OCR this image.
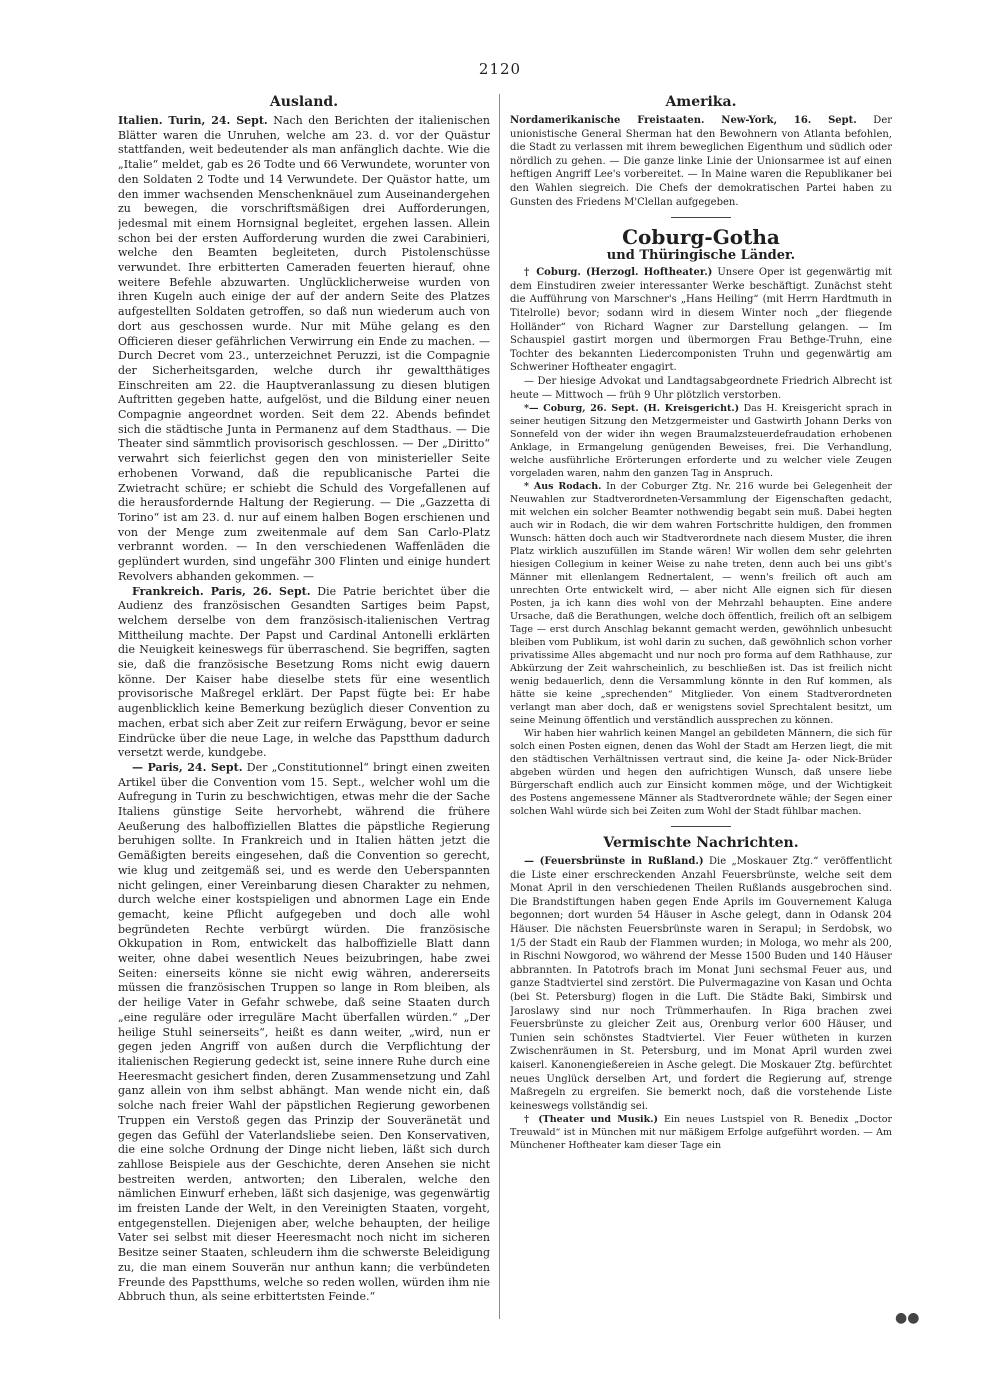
2120
Ausland.

Italien. Turin, 24. Sept. Nach den Berichten der italienischen Blätter waren die Unruhen, welche am 23. d. vor der Quästur stattfanden, weit bedeutender als man anfänglich dachte. Wie die „Italie“ meldet, gab es 26 Todte und 66 Verwundete, worunter von den Soldaten 2 Todte und 14 Verwundete. Der Quästor hatte, um den immer wachsenden Menschenknäuel zum Auseinandergehen zu bewegen, die vorschriftsmäßigen drei Aufforderungen, jedesmal mit einem Hornsignal begleitet, ergehen lassen. Allein schon bei der ersten Aufforderung wurden die zwei Carabinieri, welche den Beamten begleiteten, durch Pistolenschüsse verwundet. Ihre erbitterten Cameraden feuerten hierauf, ohne weitere Befehle abzuwarten. Unglücklicherweise wurden von ihren Kugeln auch einige der auf der andern Seite des Platzes aufgestellten Soldaten getroffen, so daß nun wiederum auch von dort aus geschossen wurde. Nur mit Mühe gelang es den Officieren dieser gefährlichen Verwirrung ein Ende zu machen. — Durch Decret vom 23., unterzeichnet Peruzzi, ist die Compagnie der Sicherheitsgarden, welche durch ihr gewaltthätiges Einschreiten am 22. die Hauptveranlassung zu diesen blutigen Auftritten gegeben hatte, aufgelöst, und die Bildung einer neuen Compagnie angeordnet worden. Seit dem 22. Abends befindet sich die städtische Junta in Permanenz auf dem Stadthaus. — Die Theater sind sämmtlich provisorisch geschlossen. — Der „Diritto“ verwahrt sich feierlichst gegen den von ministerieller Seite erhobenen Vorwand, daß die republicanische Partei die Zwietracht schüre; er schiebt die Schuld des Vorgefallenen auf die herausfordernde Haltung der Regierung. — Die „Gazzetta di Torino“ ist am 23. d. nur auf einem halben Bogen erschienen und von der Menge zum zweitenmale auf dem San Carlo-Platz verbrannt worden. — In den verschiedenen Waffenläden die geplündert wurden, sind ungefähr 300 Flinten und einige hundert Revolvers abhanden gekommen. —

Frankreich. Paris, 26. Sept. Die Patrie berichtet über die Audienz des französischen Gesandten Sartiges beim Papst, welchem derselbe von dem französisch-italienischen Vertrag Mittheilung machte. Der Papst und Cardinal Antonelli erklärten die Neuigkeit keineswegs für überraschend. Sie begriffen, sagten sie, daß die französische Besetzung Roms nicht ewig dauern könne. Der Kaiser habe dieselbe stets für eine wesentlich provisorische Maßregel erklärt. Der Papst fügte bei: Er habe augenblicklich keine Bemerkung bezüglich dieser Convention zu machen, erbat sich aber Zeit zur reifern Erwägung, bevor er seine Eindrücke über die neue Lage, in welche das Papstthum dadurch versetzt werde, kundgebe.

— Paris, 24. Sept. Der „Constitutionnel“ bringt einen zweiten Artikel über die Convention vom 15. Sept., welcher wohl um die Aufregung in Turin zu beschwichtigen, etwas mehr die der Sache Italiens günstige Seite hervorhebt, während die frühere Aeußerung des halboffiziellen Blattes die päpstliche Regierung beruhigen sollte. In Frankreich und in Italien hätten jetzt die Gemäßigten bereits eingesehen, daß die Convention so gerecht, wie klug und zeitgemäß sei, und es werde den Ueberspannten nicht gelingen, einer Vereinbarung diesen Charakter zu nehmen, durch welche einer kostspieligen und abnormen Lage ein Ende gemacht, keine Pflicht aufgegeben und doch alle wohl begründeten Rechte verbürgt würden. Die französische Okkupation in Rom, entwickelt das halboffizielle Blatt dann weiter, ohne dabei wesentlich Neues beizubringen, habe zwei Seiten: einerseits könne sie nicht ewig währen, andererseits müssen die französischen Truppen so lange in Rom bleiben, als der heilige Vater in Gefahr schwebe, daß seine Staaten durch „eine reguläre oder irreguläre Macht überfallen würden.“ „Der heilige Stuhl seinerseits“, heißt es dann weiter, „wird, nun er gegen jeden Angriff von außen durch die Verpflichtung der italienischen Regierung gedeckt ist, seine innere Ruhe durch eine Heeresmacht gesichert finden, deren Zusammensetzung und Zahl ganz allein von ihm selbst abhängt. Man wende nicht ein, daß solche nach freier Wahl der päpstlichen Regierung geworbenen Truppen ein Verstoß gegen das Prinzip der Souveränetät und gegen das Gefühl der Vaterlandsliebe seien. Den Konservativen, die eine solche Ordnung der Dinge nicht lieben, läßt sich durch zahllose Beispiele aus der Geschichte, deren Ansehen sie nicht bestreiten werden, antworten; den Liberalen, welche den nämlichen Einwurf erheben, läßt sich dasjenige, was gegenwärtig im freisten Lande der Welt, in den Vereinigten Staaten, vorgeht, entgegenstellen. Diejenigen aber, welche behaupten, der heilige Vater sei selbst mit dieser Heeresmacht noch nicht im sicheren Besitze seiner Staaten, schleudern ihm die schwerste Beleidigung zu, die man einem Souverän nur anthun kann; die verbündeten Freunde des Papstthums, welche so reden wollen, würden ihm nie Abbruch thun, als seine erbittertsten Feinde.“

Amerika.

Nordamerikanische Freistaaten. New-York, 16. Sept. Der unionistische General Sherman hat den Bewohnern von Atlanta befohlen, die Stadt zu verlassen mit ihrem beweglichen Eigenthum und südlich oder nördlich zu gehen. — Die ganze linke Linie der Unionsarmee ist auf einen heftigen Angriff Lee's vorbereitet. — In Maine waren die Republikaner bei den Wahlen siegreich. Die Chefs der demokratischen Partei haben zu Gunsten des Friedens M'Clellan aufgegeben.

Coburg-Gotha
und Thüringische Länder.

† Coburg. (Herzogl. Hoftheater.) Unsere Oper ist gegenwärtig mit dem Einstudiren zweier interessanter Werke beschäftigt. Zunächst steht die Aufführung von Marschner's „Hans Heiling“ (mit Herrn Hardtmuth in Titelrolle) bevor; sodann wird in diesem Winter noch „der fliegende Holländer“ von Richard Wagner zur Darstellung gelangen. — Im Schauspiel gastirt morgen und übermorgen Frau Bethge-Truhn, eine Tochter des bekannten Liedercomponisten Truhn und gegenwärtig am Schweriner Hoftheater engagirt.

— Der hiesige Advokat und Landtagsabgeordnete Friedrich Albrecht ist heute — Mittwoch — früh 9 Uhr plötzlich verstorben.

*— Coburg, 26. Sept. (H. Kreisgericht.) Das H. Kreisgericht sprach in seiner heutigen Sitzung den Metzgermeister und Gastwirth Johann Derks von Sonnefeld von der wider ihn wegen Braumalzsteuerdefraudation erhobenen Anklage, in Ermangelung genügenden Beweises, frei. Die Verhandlung, welche ausführliche Erörterungen erforderte und zu welcher viele Zeugen vorgeladen waren, nahm den ganzen Tag in Anspruch.

* Aus Rodach. In der Coburger Ztg. Nr. 216 wurde bei Gelegenheit der Neuwahlen zur Stadtverordneten-Versammlung der Eigenschaften gedacht, mit welchen ein solcher Beamter nothwendig begabt sein muß. Dabei hegten auch wir in Rodach, die wir dem wahren Fortschritte huldigen, den frommen Wunsch: hätten doch auch wir Stadtverordnete nach diesem Muster, die ihren Platz wirklich auszufüllen im Stande wären! Wir wollen dem sehr gelehrten hiesigen Collegium in keiner Weise zu nahe treten, denn auch bei uns gibt's Männer mit ellenlangem Rednertalent, — wenn's freilich oft auch am unrechten Orte entwickelt wird, — aber nicht Alle eignen sich für diesen Posten, ja ich kann dies wohl von der Mehrzahl behaupten. Eine andere Ursache, daß die Berathungen, welche doch öffentlich, freilich oft an selbigem Tage — erst durch Anschlag bekannt gemacht werden, gewöhnlich unbesucht bleiben vom Publikum, ist wohl darin zu suchen, daß gewöhnlich schon vorher privatissime Alles abgemacht und nur noch pro forma auf dem Rathhause, zur Abkürzung der Zeit wahrscheinlich, zu beschließen ist. Das ist freilich nicht wenig bedauerlich, denn die Versammlung könnte in den Ruf kommen, als hätte sie keine „sprechenden“ Mitglieder. Von einem Stadtverordneten verlangt man aber doch, daß er wenigstens soviel Sprechtalent besitzt, um seine Meinung öffentlich und verständlich aussprechen zu können.

Wir haben hier wahrlich keinen Mangel an gebildeten Männern, die sich für solch einen Posten eignen, denen das Wohl der Stadt am Herzen liegt, die mit den städtischen Verhältnissen vertraut sind, die keine Ja- oder Nick-Brüder abgeben würden und hegen den aufrichtigen Wunsch, daß unsere liebe Bürgerschaft endlich auch zur Einsicht kommen möge, und der Wichtigkeit des Postens angemessene Männer als Stadtverordnete wähle; der Segen einer solchen Wahl würde sich bei Zeiten zum Wohl der Stadt fühlbar machen.

Vermischte Nachrichten.

— (Feuersbrünste in Rußland.) Die „Moskauer Ztg.“ veröffentlicht die Liste einer erschreckenden Anzahl Feuersbrünste, welche seit dem Monat April in den verschiedenen Theilen Rußlands ausgebrochen sind. Die Brandstiftungen haben gegen Ende Aprils im Gouvernement Kaluga begonnen; dort wurden 54 Häuser in Asche gelegt, dann in Odansk 204 Häuser. Die nächsten Feuersbrünste waren in Serapul; in Serdobsk, wo 1/5 der Stadt ein Raub der Flammen wurden; in Mologa, wo mehr als 200, in Rischni Nowgorod, wo während der Messe 1500 Buden und 140 Häuser abbrannten. In Patotrofs brach im Monat Juni sechsmal Feuer aus, und ganze Stadtviertel sind zerstört. Die Pulvermagazine von Kasan und Ochta (bei St. Petersburg) flogen in die Luft. Die Städte Baki, Simbirsk und Jaroslawy sind nur noch Trümmerhaufen. In Riga brachen zwei Feuersbrünste zu gleicher Zeit aus, Orenburg verlor 600 Häuser, und Tunien sein schönstes Stadtviertel. Vier Feuer wütheten in kurzen Zwischenräumen in St. Petersburg, und im Monat April wurden zwei kaiserl. Kanonengießereien in Asche gelegt. Die Moskauer Ztg. befürchtet neues Unglück derselben Art, und fordert die Regierung auf, strenge Maßregeln zu ergreifen. Sie bemerkt noch, daß die vorstehende Liste keineswegs vollständig sei.

† (Theater und Musik.) Ein neues Lustspiel von R. Benedix „Doctor Treuwald“ ist in München mit nur mäßigem Erfolge aufgeführt worden. — Am Münchener Hoftheater kam dieser Tage ein

●●
